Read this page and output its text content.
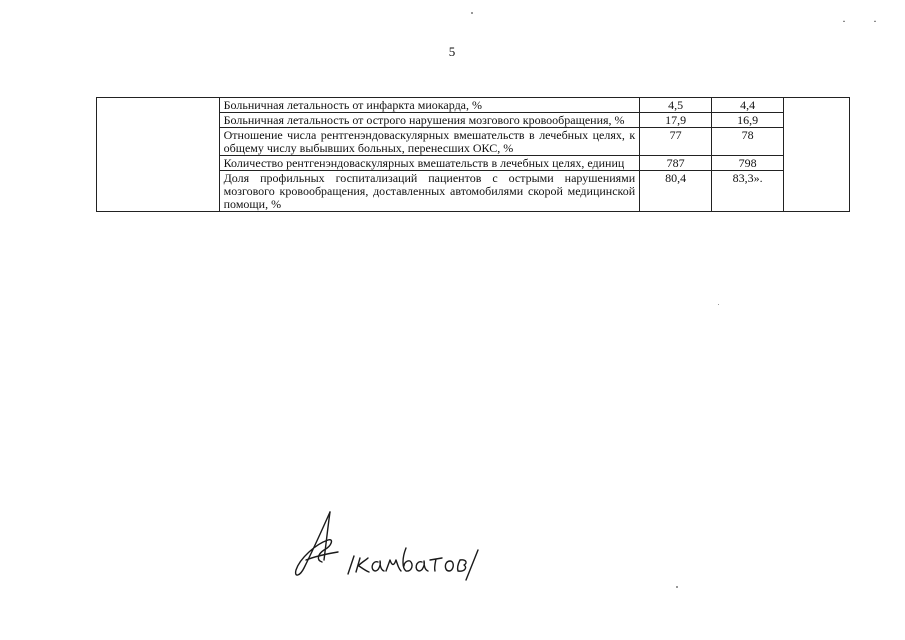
5
· ·
	Больничная летальность от инфаркта миокарда, %	4,5	4,4	
	Больничная летальность от острого нарушения мозгового кровообращения, %	17,9	16,9	
	Отношение числа рентгенэндоваскулярных вмешательств в лечебных целях, к общему числу выбывших больных, перенесших ОКС, %	77	78	
	Количество рентгенэндоваскулярных вмешательств в лечебных целях, единиц	787	798	
	Доля профильных госпитализаций пациентов с острыми нарушениями мозгового кровообращения, доставленных автомобилями скорой медицинской помощи, %	80,4	83,3».	
